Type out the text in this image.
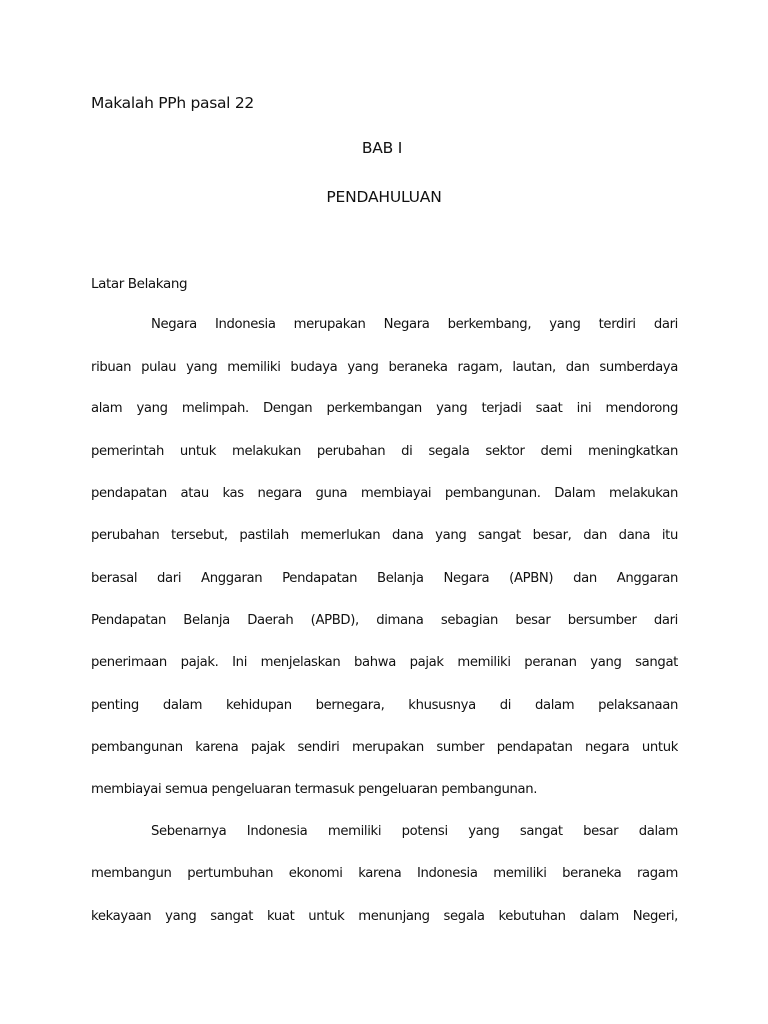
Makalah PPh pasal 22
BAB I
PENDAHULUAN
Latar Belakang
Negara Indonesia merupakan Negara berkembang, yang terdiri dari
ribuan pulau yang memiliki budaya yang beraneka ragam, lautan, dan sumberdaya
alam yang melimpah. Dengan perkembangan yang terjadi saat ini mendorong
pemerintah untuk melakukan perubahan di segala sektor demi meningkatkan
pendapatan atau kas negara guna membiayai pembangunan. Dalam melakukan
perubahan tersebut, pastilah memerlukan dana yang sangat besar, dan dana itu
berasal dari Anggaran Pendapatan Belanja Negara (APBN) dan Anggaran
Pendapatan Belanja Daerah (APBD), dimana sebagian besar bersumber dari
penerimaan pajak. Ini menjelaskan bahwa pajak memiliki peranan yang sangat
penting dalam kehidupan bernegara, khususnya di dalam pelaksanaan
pembangunan karena pajak sendiri merupakan sumber pendapatan negara untuk
membiayai semua pengeluaran termasuk pengeluaran pembangunan.
Sebenarnya Indonesia memiliki potensi yang sangat besar dalam
membangun pertumbuhan ekonomi karena Indonesia memiliki beraneka ragam
kekayaan yang sangat kuat untuk menunjang segala kebutuhan dalam Negeri,
